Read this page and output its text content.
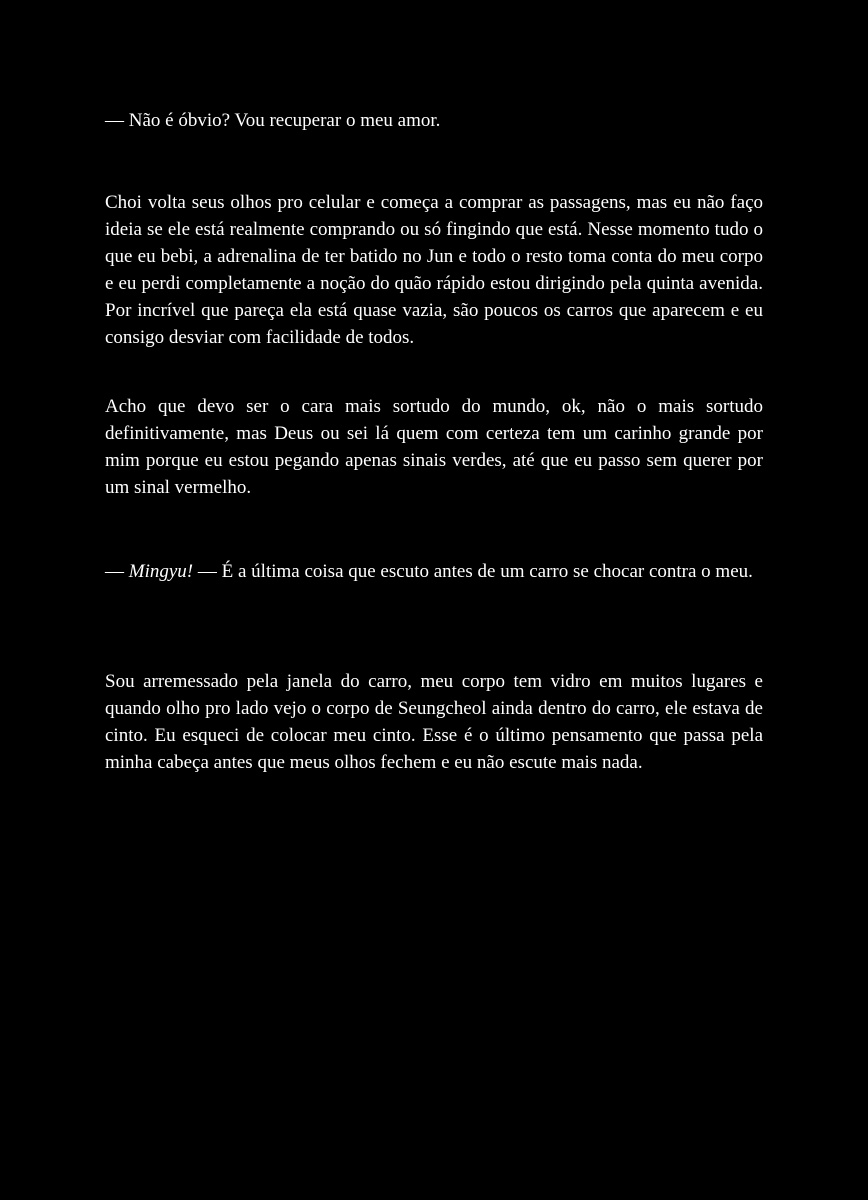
— Não é óbvio? Vou recuperar o meu amor.

Choi volta seus olhos pro celular e começa a comprar as passagens, mas eu não faço ideia se ele está realmente comprando ou só fingindo que está. Nesse momento tudo o que eu bebi, a adrenalina de ter batido no Jun e todo o resto toma conta do meu corpo e eu perdi completamente a noção do quão rápido estou dirigindo pela quinta avenida. Por incrível que pareça ela está quase vazia, são poucos os carros que aparecem e eu consigo desviar com facilidade de todos.

Acho que devo ser o cara mais sortudo do mundo, ok, não o mais sortudo definitivamente, mas Deus ou sei lá quem com certeza tem um carinho grande por mim porque eu estou pegando apenas sinais verdes, até que eu passo sem querer por um sinal vermelho.

— Mingyu! — É a última coisa que escuto antes de um carro se chocar contra o meu.

Sou arremessado pela janela do carro, meu corpo tem vidro em muitos lugares e quando olho pro lado vejo o corpo de Seungcheol ainda dentro do carro, ele estava de cinto. Eu esqueci de colocar meu cinto. Esse é o último pensamento que passa pela minha cabeça antes que meus olhos fechem e eu não escute mais nada.
